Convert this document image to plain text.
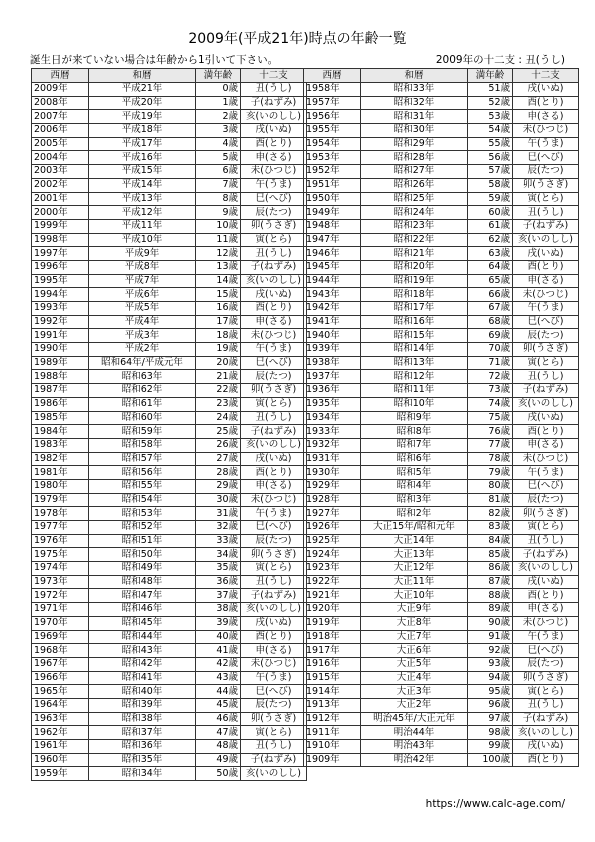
2009年(平成21年)時点の年齢一覧
誕生日が来ていない場合は年齢から1引いて下さい。	2009年の十二支 : 丑(うし)
西暦	和暦	満年齢	十二支
2009年	平成21年	0歳	丑(うし)
2008年	平成20年	1歳	子(ねずみ)
2007年	平成19年	2歳	亥(いのしし)
2006年	平成18年	3歳	戌(いぬ)
2005年	平成17年	4歳	酉(とり)
2004年	平成16年	5歳	申(さる)
2003年	平成15年	6歳	未(ひつじ)
2002年	平成14年	7歳	午(うま)
2001年	平成13年	8歳	巳(へび)
2000年	平成12年	9歳	辰(たつ)
1999年	平成11年	10歳	卯(うさぎ)
1998年	平成10年	11歳	寅(とら)
1997年	平成9年	12歳	丑(うし)
1996年	平成8年	13歳	子(ねずみ)
1995年	平成7年	14歳	亥(いのしし)
1994年	平成6年	15歳	戌(いぬ)
1993年	平成5年	16歳	酉(とり)
1992年	平成4年	17歳	申(さる)
1991年	平成3年	18歳	未(ひつじ)
1990年	平成2年	19歳	午(うま)
1989年	昭和64年/平成元年	20歳	巳(へび)
1988年	昭和63年	21歳	辰(たつ)
1987年	昭和62年	22歳	卯(うさぎ)
1986年	昭和61年	23歳	寅(とら)
1985年	昭和60年	24歳	丑(うし)
1984年	昭和59年	25歳	子(ねずみ)
1983年	昭和58年	26歳	亥(いのしし)
1982年	昭和57年	27歳	戌(いぬ)
1981年	昭和56年	28歳	酉(とり)
1980年	昭和55年	29歳	申(さる)
1979年	昭和54年	30歳	未(ひつじ)
1978年	昭和53年	31歳	午(うま)
1977年	昭和52年	32歳	巳(へび)
1976年	昭和51年	33歳	辰(たつ)
1975年	昭和50年	34歳	卯(うさぎ)
1974年	昭和49年	35歳	寅(とら)
1973年	昭和48年	36歳	丑(うし)
1972年	昭和47年	37歳	子(ねずみ)
1971年	昭和46年	38歳	亥(いのしし)
1970年	昭和45年	39歳	戌(いぬ)
1969年	昭和44年	40歳	酉(とり)
1968年	昭和43年	41歳	申(さる)
1967年	昭和42年	42歳	未(ひつじ)
1966年	昭和41年	43歳	午(うま)
1965年	昭和40年	44歳	巳(へび)
1964年	昭和39年	45歳	辰(たつ)
1963年	昭和38年	46歳	卯(うさぎ)
1962年	昭和37年	47歳	寅(とら)
1961年	昭和36年	48歳	丑(うし)
1960年	昭和35年	49歳	子(ねずみ)
1959年	昭和34年	50歳	亥(いのしし)
西暦	和暦	満年齢	十二支
1958年	昭和33年	51歳	戌(いぬ)
1957年	昭和32年	52歳	酉(とり)
1956年	昭和31年	53歳	申(さる)
1955年	昭和30年	54歳	未(ひつじ)
1954年	昭和29年	55歳	午(うま)
1953年	昭和28年	56歳	巳(へび)
1952年	昭和27年	57歳	辰(たつ)
1951年	昭和26年	58歳	卯(うさぎ)
1950年	昭和25年	59歳	寅(とら)
1949年	昭和24年	60歳	丑(うし)
1948年	昭和23年	61歳	子(ねずみ)
1947年	昭和22年	62歳	亥(いのしし)
1946年	昭和21年	63歳	戌(いぬ)
1945年	昭和20年	64歳	酉(とり)
1944年	昭和19年	65歳	申(さる)
1943年	昭和18年	66歳	未(ひつじ)
1942年	昭和17年	67歳	午(うま)
1941年	昭和16年	68歳	巳(へび)
1940年	昭和15年	69歳	辰(たつ)
1939年	昭和14年	70歳	卯(うさぎ)
1938年	昭和13年	71歳	寅(とら)
1937年	昭和12年	72歳	丑(うし)
1936年	昭和11年	73歳	子(ねずみ)
1935年	昭和10年	74歳	亥(いのしし)
1934年	昭和9年	75歳	戌(いぬ)
1933年	昭和8年	76歳	酉(とり)
1932年	昭和7年	77歳	申(さる)
1931年	昭和6年	78歳	未(ひつじ)
1930年	昭和5年	79歳	午(うま)
1929年	昭和4年	80歳	巳(へび)
1928年	昭和3年	81歳	辰(たつ)
1927年	昭和2年	82歳	卯(うさぎ)
1926年	大正15年/昭和元年	83歳	寅(とら)
1925年	大正14年	84歳	丑(うし)
1924年	大正13年	85歳	子(ねずみ)
1923年	大正12年	86歳	亥(いのしし)
1922年	大正11年	87歳	戌(いぬ)
1921年	大正10年	88歳	酉(とり)
1920年	大正9年	89歳	申(さる)
1919年	大正8年	90歳	未(ひつじ)
1918年	大正7年	91歳	午(うま)
1917年	大正6年	92歳	巳(へび)
1916年	大正5年	93歳	辰(たつ)
1915年	大正4年	94歳	卯(うさぎ)
1914年	大正3年	95歳	寅(とら)
1913年	大正2年	96歳	丑(うし)
1912年	明治45年/大正元年	97歳	子(ねずみ)
1911年	明治44年	98歳	亥(いのしし)
1910年	明治43年	99歳	戌(いぬ)
1909年	明治42年	100歳	酉(とり)
https://www.calc-age.com/
